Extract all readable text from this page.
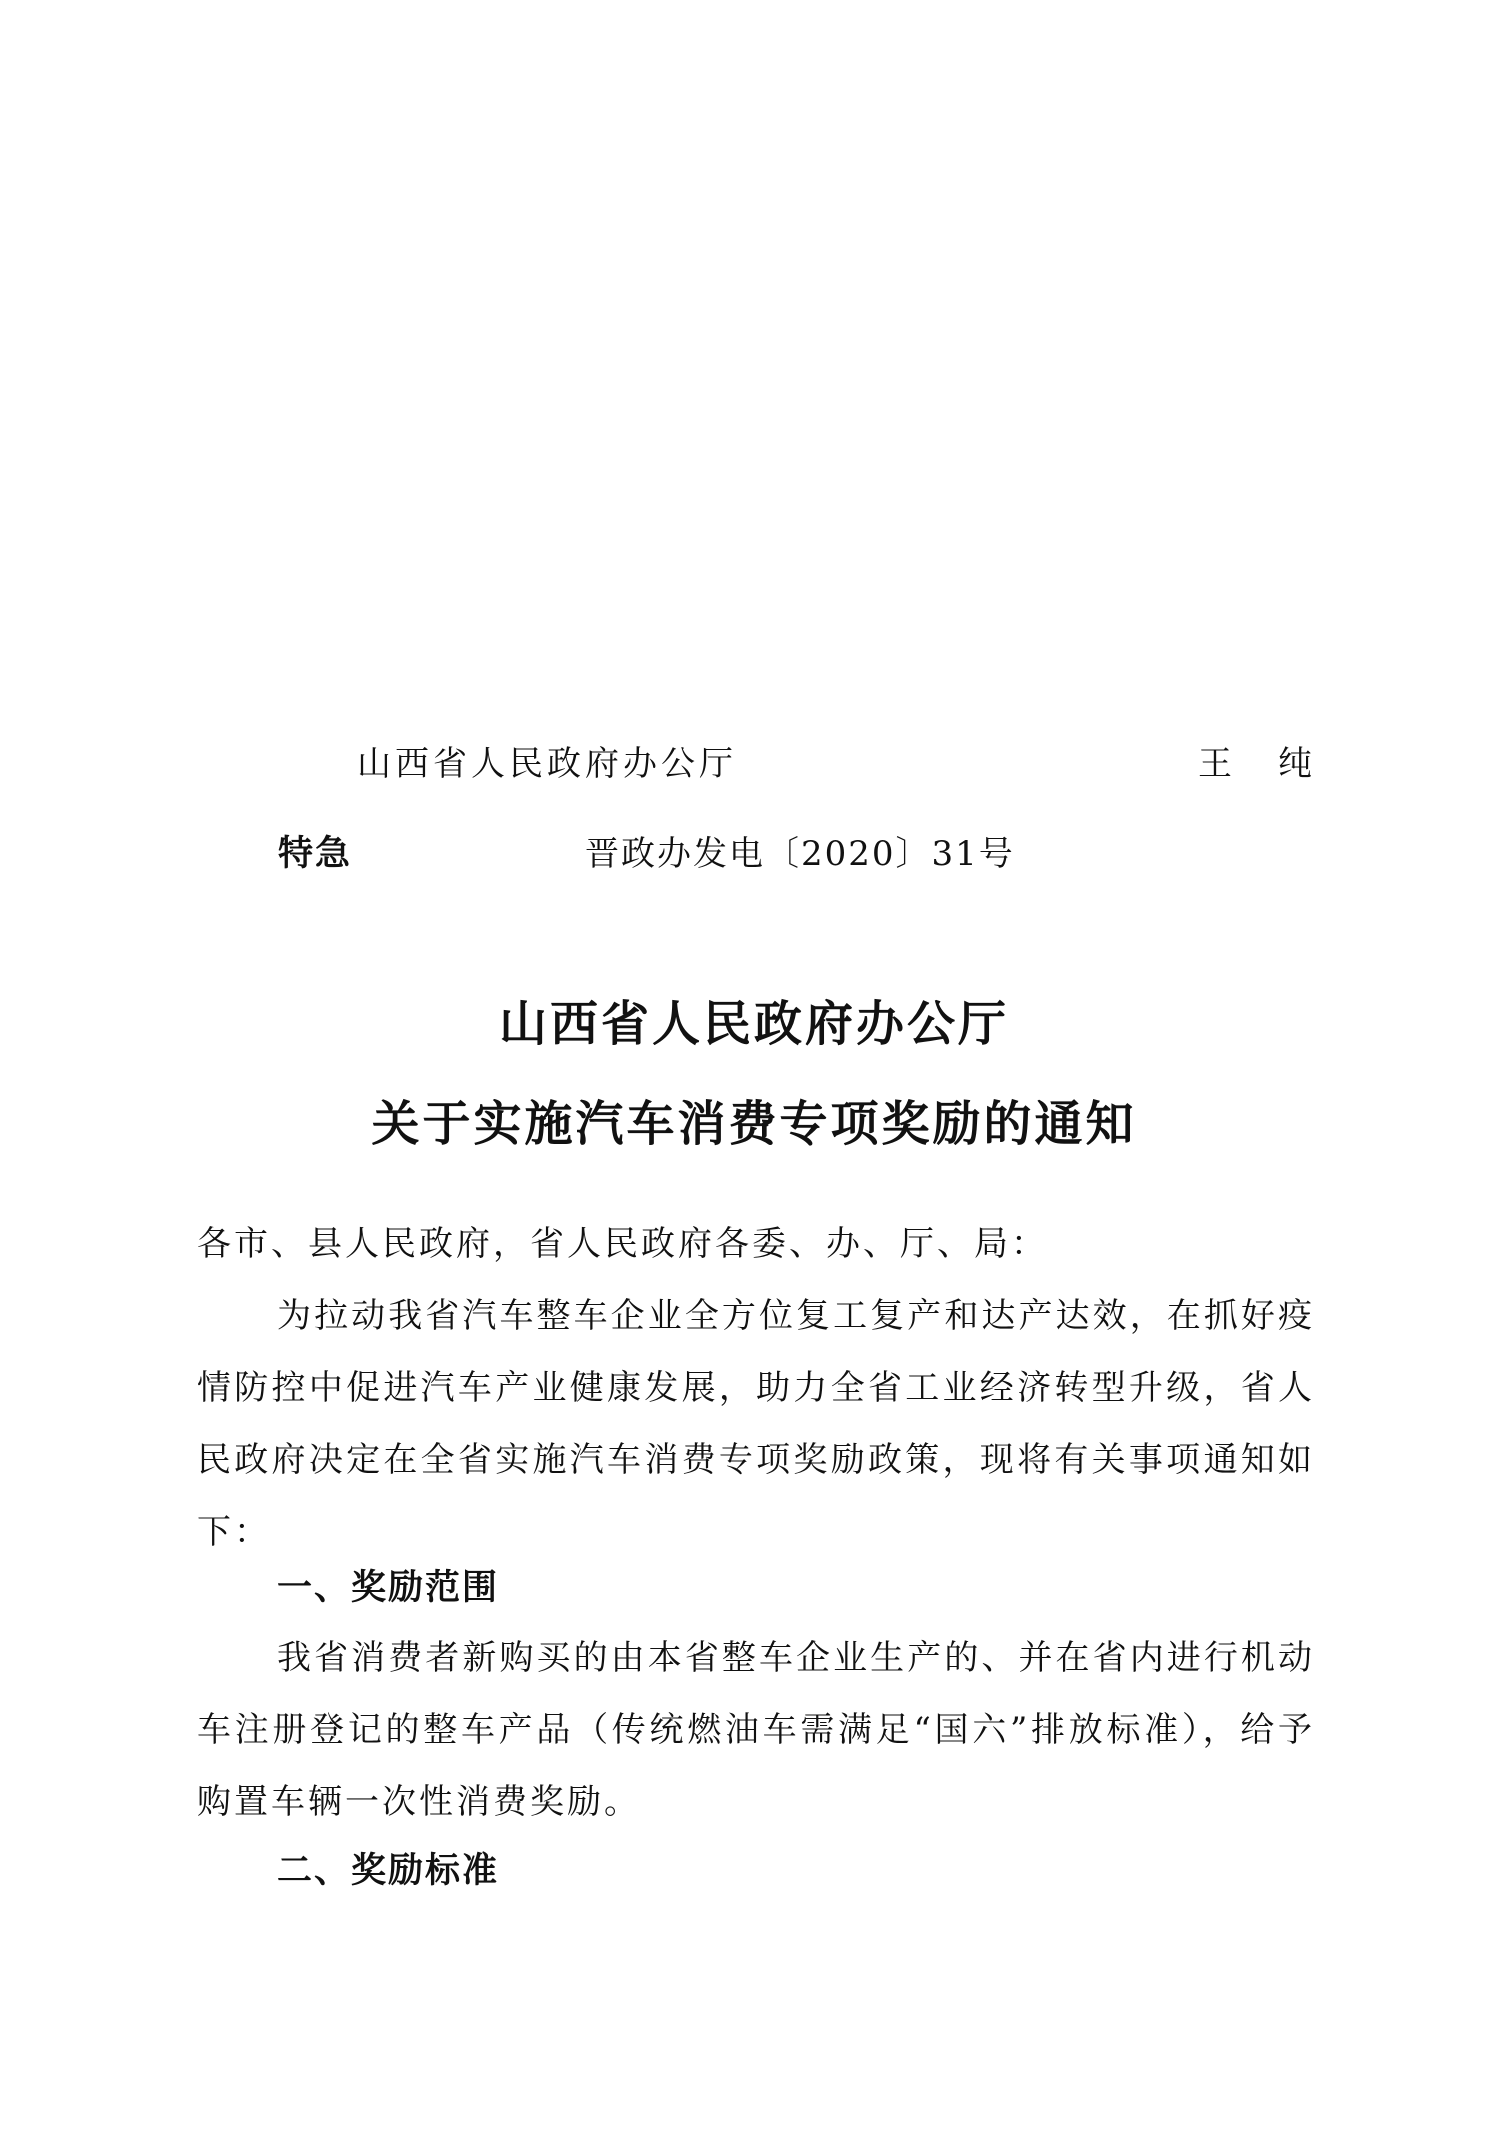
山西省人民政府办公厅	王纯
特急	晋政办发电〔2020〕31号
山西省人民政府办公厅
关于实施汽车消费专项奖励的通知
各市、县人民政府，省人民政府各委、办、厅、局：
为拉动我省汽车整车企业全方位复工复产和达产达效，在抓好疫情防控中促进汽车产业健康发展，助力全省工业经济转型升级，省人民政府决定在全省实施汽车消费专项奖励政策，现将有关事项通知如下：
一、奖励范围
我省消费者新购买的由本省整车企业生产的、并在省内进行机动车注册登记的整车产品（传统燃油车需满足“国六”排放标准），给予购置车辆一次性消费奖励。
二、奖励标准
